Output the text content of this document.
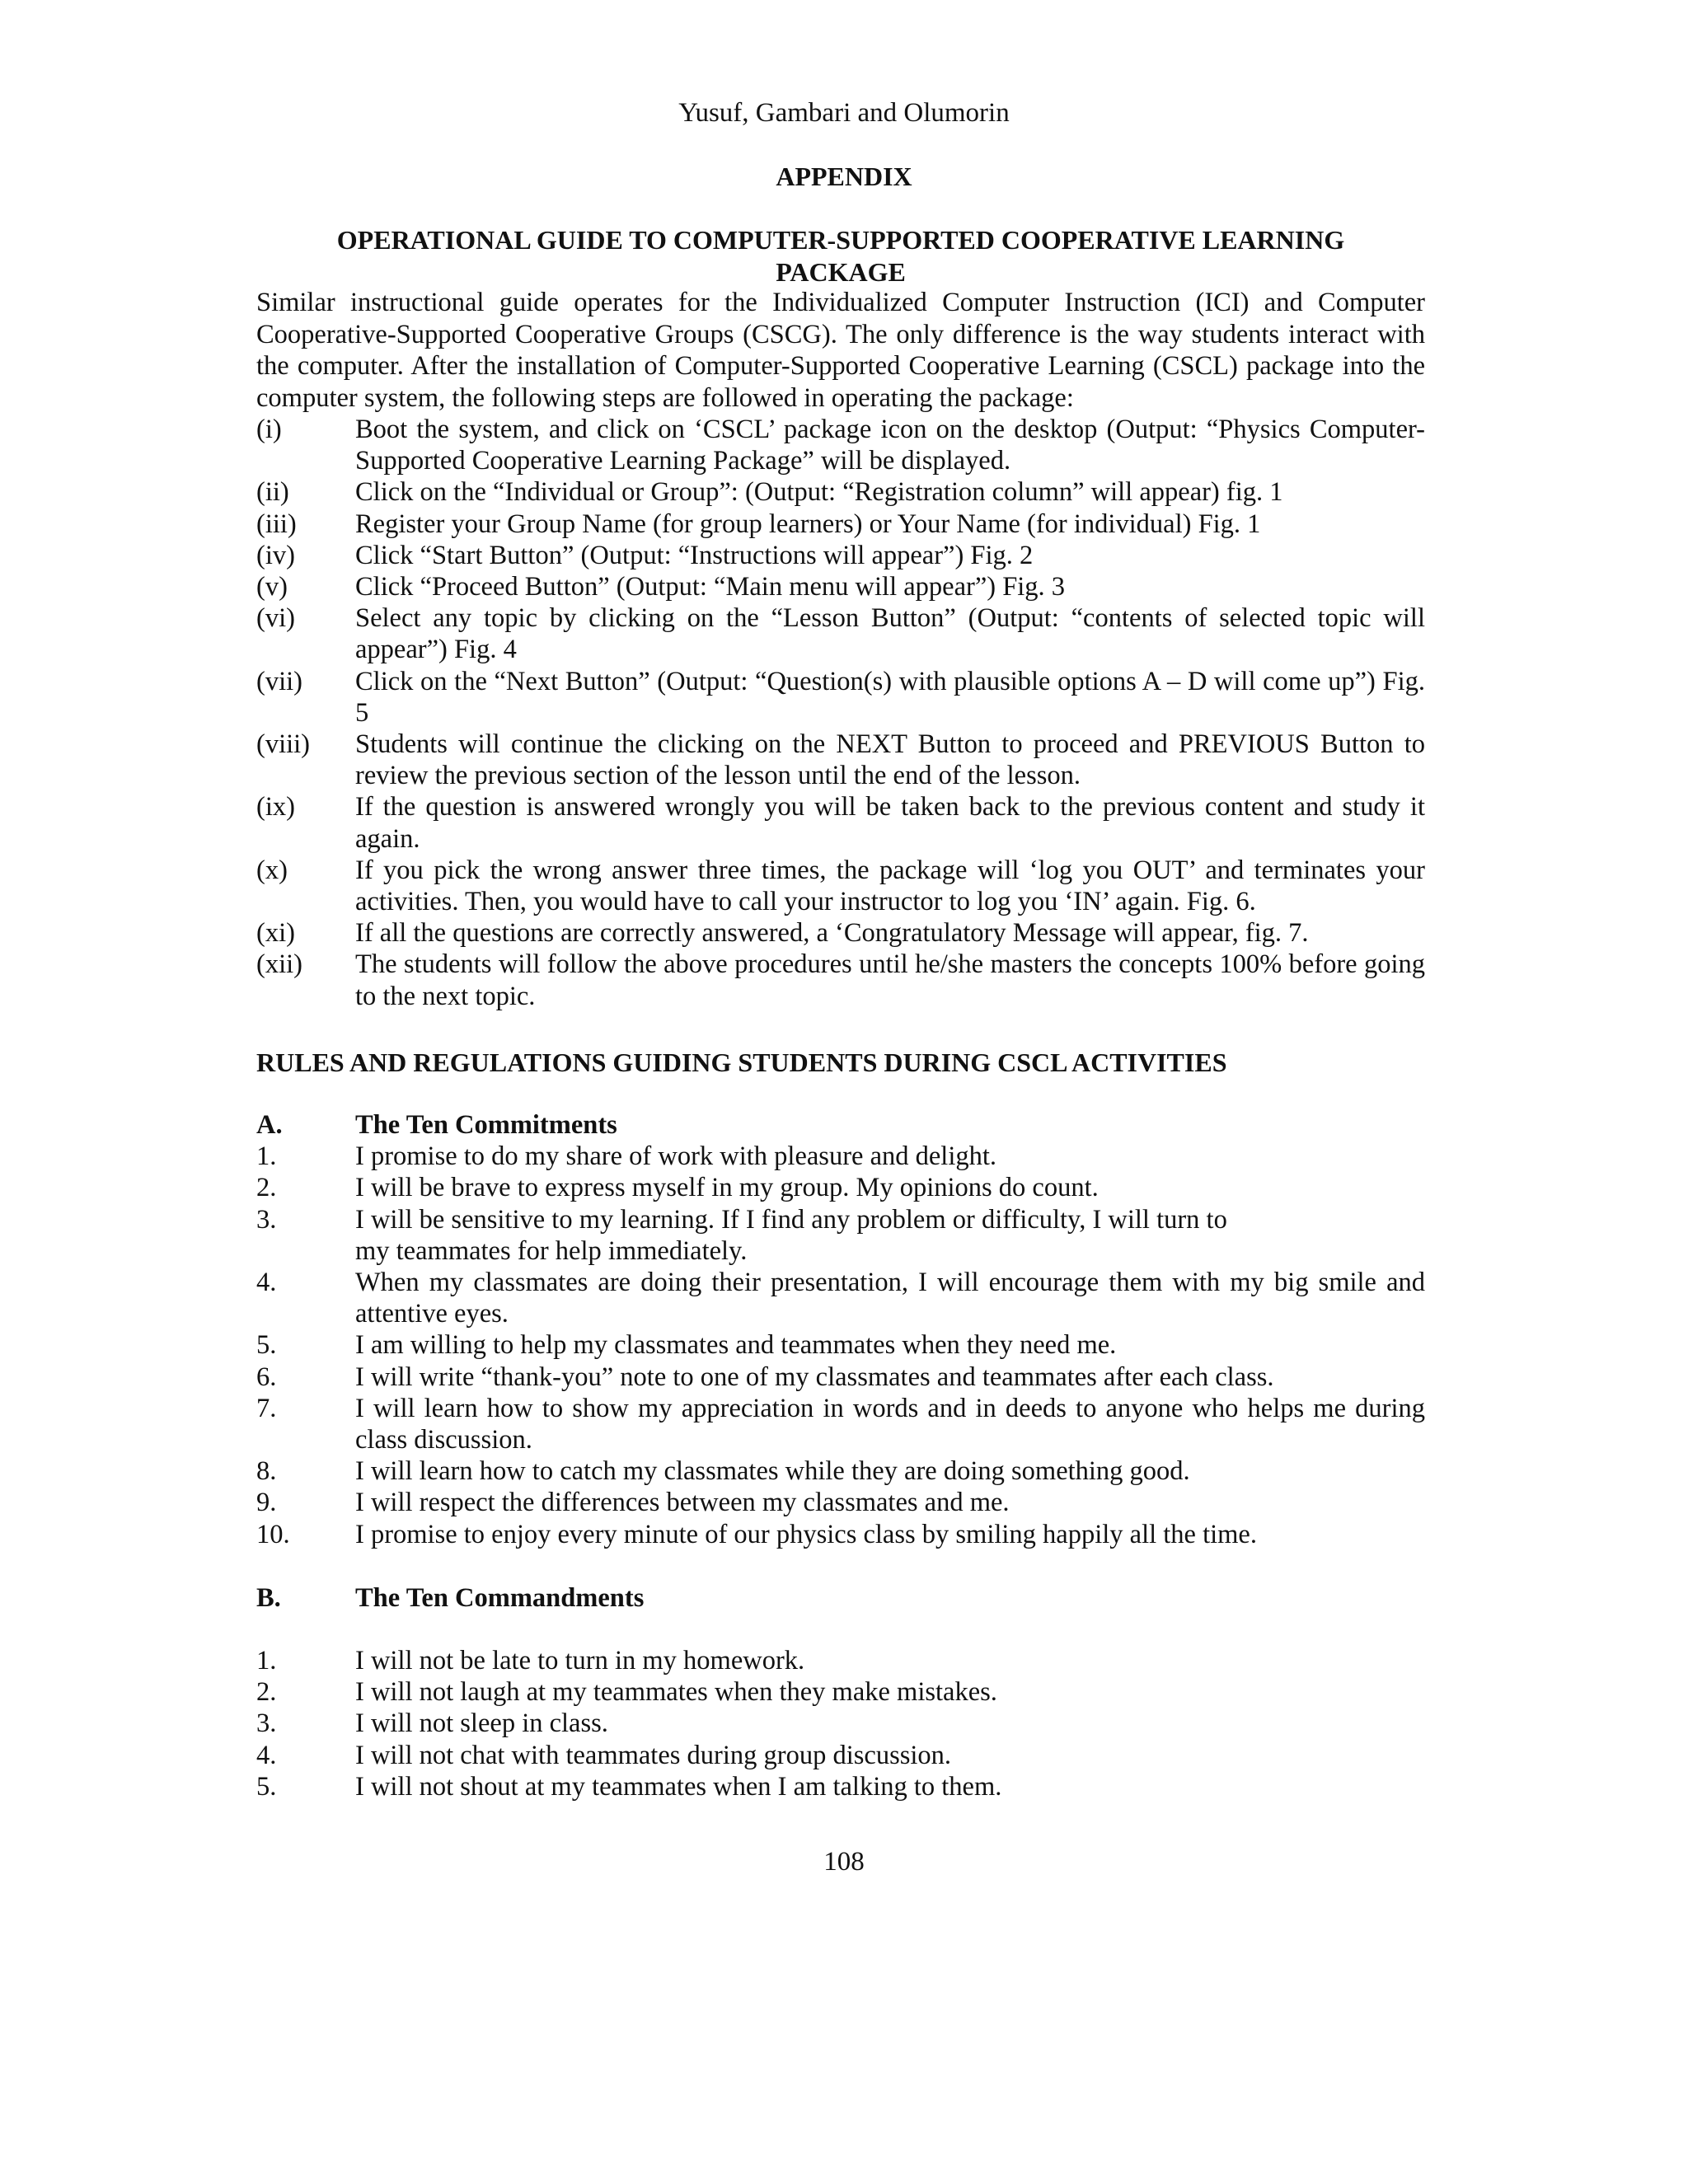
Yusuf, Gambari and Olumorin
APPENDIX
OPERATIONAL GUIDE TO COMPUTER-SUPPORTED COOPERATIVE LEARNING PACKAGE
Similar instructional guide operates for the Individualized Computer Instruction (ICI) and Computer Cooperative-Supported Cooperative Groups (CSCG). The only difference is the way students interact with the computer. After the installation of Computer-Supported Cooperative Learning (CSCL) package into the computer system, the following steps are followed in operating the package:
(i)	Boot the system, and click on ‘CSCL’ package icon on the desktop (Output: “Physics Computer-Supported Cooperative Learning Package” will be displayed.
(ii)	Click on the “Individual or Group”: (Output: “Registration column” will appear) fig. 1
(iii)	Register your Group Name (for group learners) or Your Name (for individual) Fig. 1
(iv)	Click “Start Button” (Output: “Instructions will appear”) Fig. 2
(v)	Click “Proceed Button” (Output: “Main menu will appear”) Fig. 3
(vi)	Select any topic by clicking on the “Lesson Button” (Output: “contents of selected topic will appear”) Fig. 4
(vii)	Click on the “Next Button” (Output: “Question(s) with plausible options A – D will come up”) Fig. 5
(viii)	Students will continue the clicking on the NEXT Button to proceed and PREVIOUS Button to review the previous section of the lesson until the end of the lesson.
(ix)	If the question is answered wrongly you will be taken back to the previous content and study it again.
(x)	If you pick the wrong answer three times, the package will ‘log you OUT’ and terminates your activities. Then, you would have to call your instructor to log you ‘IN’ again. Fig. 6.
(xi)	If all the questions are correctly answered, a ‘Congratulatory Message will appear, fig. 7.
(xii)	The students will follow the above procedures until he/she masters the concepts 100% before going to the next topic.
RULES AND REGULATIONS GUIDING STUDENTS DURING CSCL ACTIVITIES
A.	The Ten Commitments
1.	I promise to do my share of work with pleasure and delight.
2.	I will be brave to express myself in my group. My opinions do count.
3.	I will be sensitive to my learning. If I find any problem or difficulty, I will turn to
my teammates for help immediately.
4.	When my classmates are doing their presentation, I will encourage them with my big smile and attentive eyes.
5.	I am willing to help my classmates and teammates when they need me.
6.	I will write “thank-you” note to one of my classmates and teammates after each class.
7.	I will learn how to show my appreciation in words and in deeds to anyone who helps me during class discussion.
8.	I will learn how to catch my classmates while they are doing something good.
9.	I will respect the differences between my classmates and me.
10.	I promise to enjoy every minute of our physics class by smiling happily all the time.
B.	The Ten Commandments
1.	I will not be late to turn in my homework.
2.	I will not laugh at my teammates when they make mistakes.
3.	I will not sleep in class.
4.	I will not chat with teammates during group discussion.
5.	I will not shout at my teammates when I am talking to them.
108
